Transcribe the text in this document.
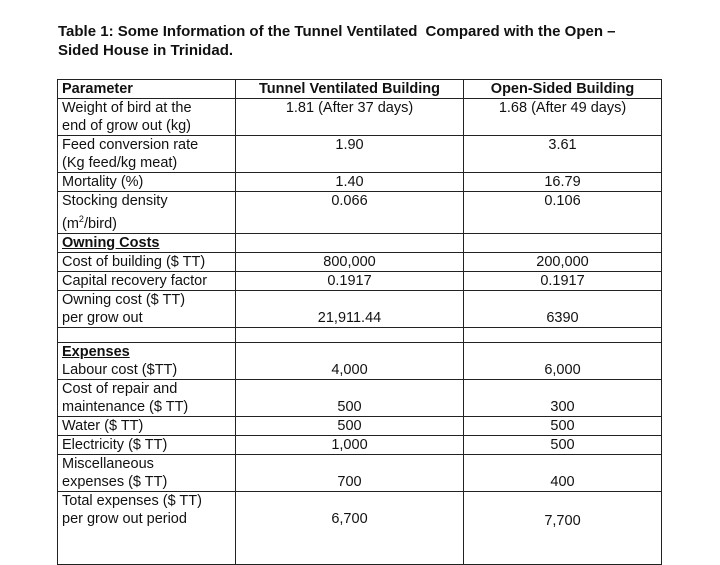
Table 1: Some Information of the Tunnel Ventilated Compared with the Open –
Sided House in Trinidad.
Parameter	Tunnel Ventilated Building	Open-Sided Building

Weight of bird at the
end of grow out (kg)	1.81 (After 37 days)	1.68 (After 49 days)

Feed conversion rate
(Kg feed/kg meat)	1.90	3.61
Mortality (%)	1.40	16.79

Stocking density
$(m^2/bird)$	0.066	0.106
Owning Costs		
Cost of building ($ TT)	800,000	200,000
Capital recovery factor	0.1917	0.1917

Owning cost ($ TT)
per grow out	21,911.44	6390

Expenses
Labour cost ($TT)	4,000	6,000

Cost of repair and
maintenance ($ TT)	500	300
Water ($ TT)	500	500
Electricity ($ TT)	1,000	500

Miscellaneous
expenses ($ TT)	700	400

Total expenses ($ TT)
per grow out period	6,700	7,700
